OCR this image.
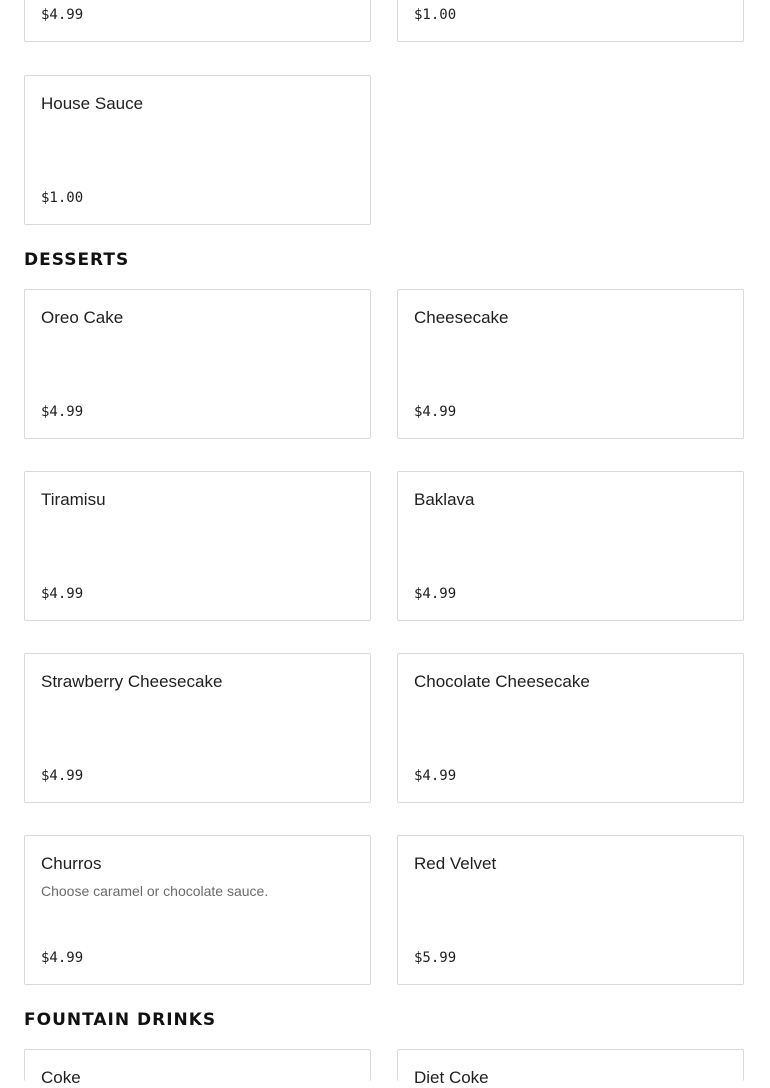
$4.99	$1.00
House Sauce
$1.00
DESSERTS
Oreo Cake
$4.99
Cheesecake
$4.99
Tiramisu
$4.99
Baklava
$4.99
Strawberry Cheesecake
$4.99
Chocolate Cheesecake
$4.99
Churros
Choose caramel or chocolate sauce.
$4.99
Red Velvet
$5.99
FOUNTAIN DRINKS
Coke	Diet Coke
